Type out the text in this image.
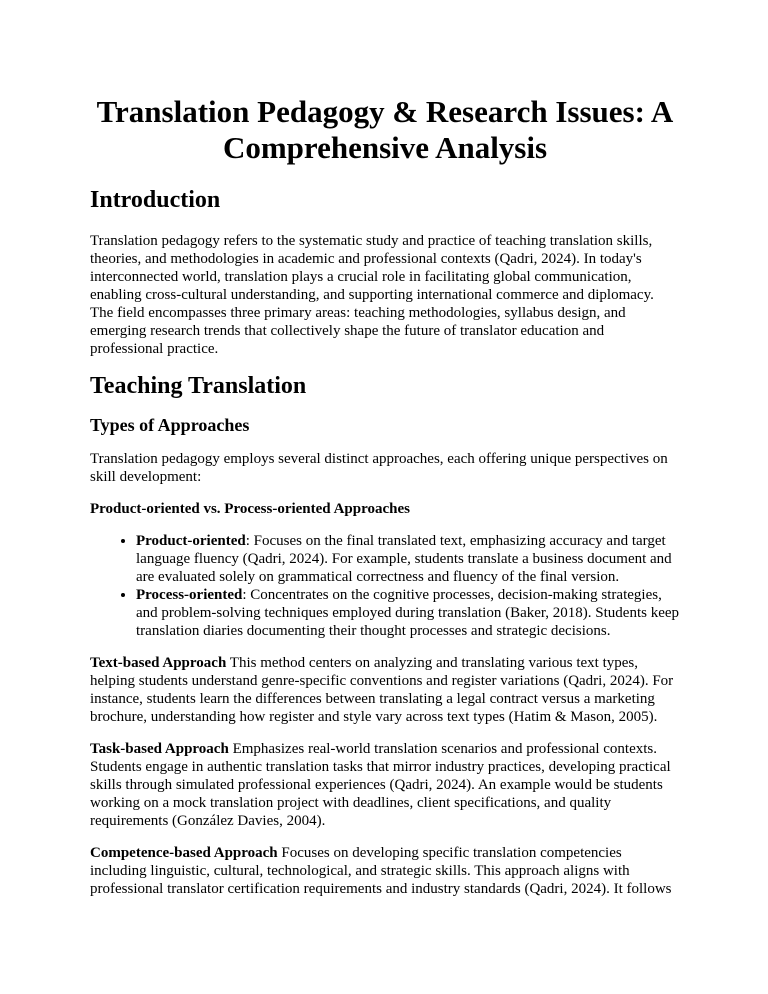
Translation Pedagogy & Research Issues: A Comprehensive Analysis
Introduction

Translation pedagogy refers to the systematic study and practice of teaching translation skills, theories, and methodologies in academic and professional contexts (Qadri, 2024). In today's interconnected world, translation plays a crucial role in facilitating global communication, enabling cross-cultural understanding, and supporting international commerce and diplomacy. The field encompasses three primary areas: teaching methodologies, syllabus design, and emerging research trends that collectively shape the future of translator education and professional practice.

Teaching Translation
Types of Approaches

Translation pedagogy employs several distinct approaches, each offering unique perspectives on skill development:

Product-oriented vs. Process-oriented Approaches
• Product-oriented: Focuses on the final translated text, emphasizing accuracy and target language fluency (Qadri, 2024). For example, students translate a business document and are evaluated solely on grammatical correctness and fluency of the final version.
• Process-oriented: Concentrates on the cognitive processes, decision-making strategies, and problem-solving techniques employed during translation (Baker, 2018). Students keep translation diaries documenting their thought processes and strategic decisions.

Text-based Approach This method centers on analyzing and translating various text types, helping students understand genre-specific conventions and register variations (Qadri, 2024). For instance, students learn the differences between translating a legal contract versus a marketing brochure, understanding how register and style vary across text types (Hatim & Mason, 2005).

Task-based Approach Emphasizes real-world translation scenarios and professional contexts. Students engage in authentic translation tasks that mirror industry practices, developing practical skills through simulated professional experiences (Qadri, 2024). An example would be students working on a mock translation project with deadlines, client specifications, and quality requirements (González Davies, 2004).

Competence-based Approach Focuses on developing specific translation competencies including linguistic, cultural, technological, and strategic skills. This approach aligns with professional translator certification requirements and industry standards (Qadri, 2024). It follows
